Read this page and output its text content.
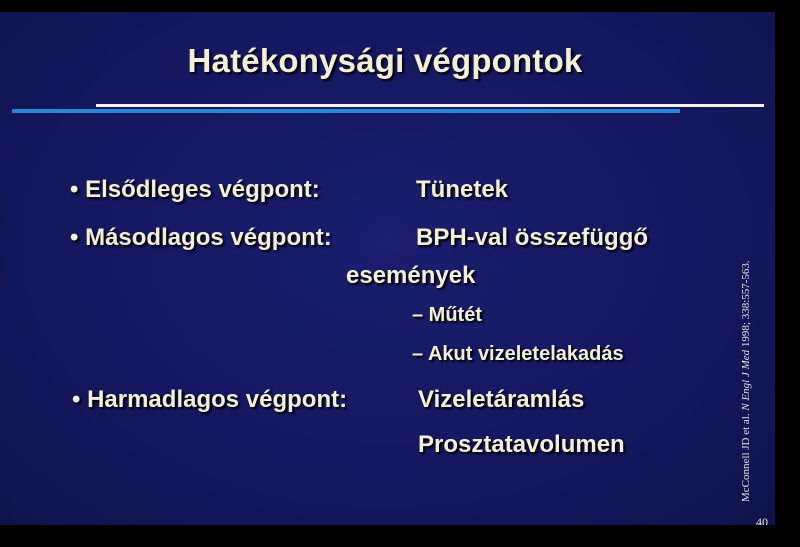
Hatékonysági végpontok
• Elsődleges végpont:	Tünetek
• Másodlagos végpont:	BPH-val összefüggő
események
– Műtét
– Akut vizeletelakadás
• Harmadlagos végpont:	Vizeletáramlás
Prosztatavolumen	McConnell JD et al. N Engl J Med 1998; 338:557-563.
40
